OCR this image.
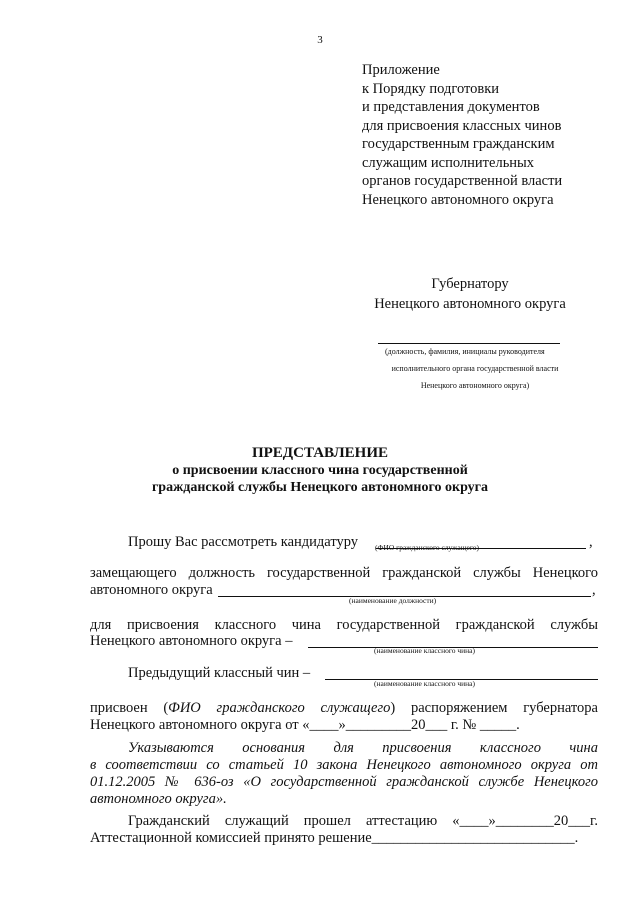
3
Приложение
к Порядку подготовки
и представления документов
для присвоения классных чинов
государственным гражданским
служащим исполнительных
органов государственной власти
Ненецкого автономного округа
Губернатору
Ненецкого автономного округа
(должность, фамилия, инициалы руководителя
исполнительного органа государственной власти
Ненецкого автономного округа)
ПРЕДСТАВЛЕНИЕ
о присвоении классного чина государственной
гражданской службы Ненецкого автономного округа
Прошу Вас рассмотреть кандидатуру	,
(ФИО гражданского служащего)
замещающего должность государственной гражданской службы Ненецкого
автономного округа	,
(наименование должности)
для присвоения классного чина государственной гражданской службы
Ненецкого автономного округа –
(наименование классного чина)
Предыдущий классный чин –
(наименование классного чина)
присвоен (ФИО гражданского служащего) распоряжением губернатора
Ненецкого автономного округа от «____»_________20___ г. № _____.
Указываются основания для присвоения классного чина
в соответствии со статьей 10 закона Ненецкого автономного округа от
01.12.2005 № 636-оз «О государственной гражданской службе Ненецкого
автономного округа».
Гражданский служащий прошел аттестацию «____»________20___г.
Аттестационной комиссией принято решение____________________________.
